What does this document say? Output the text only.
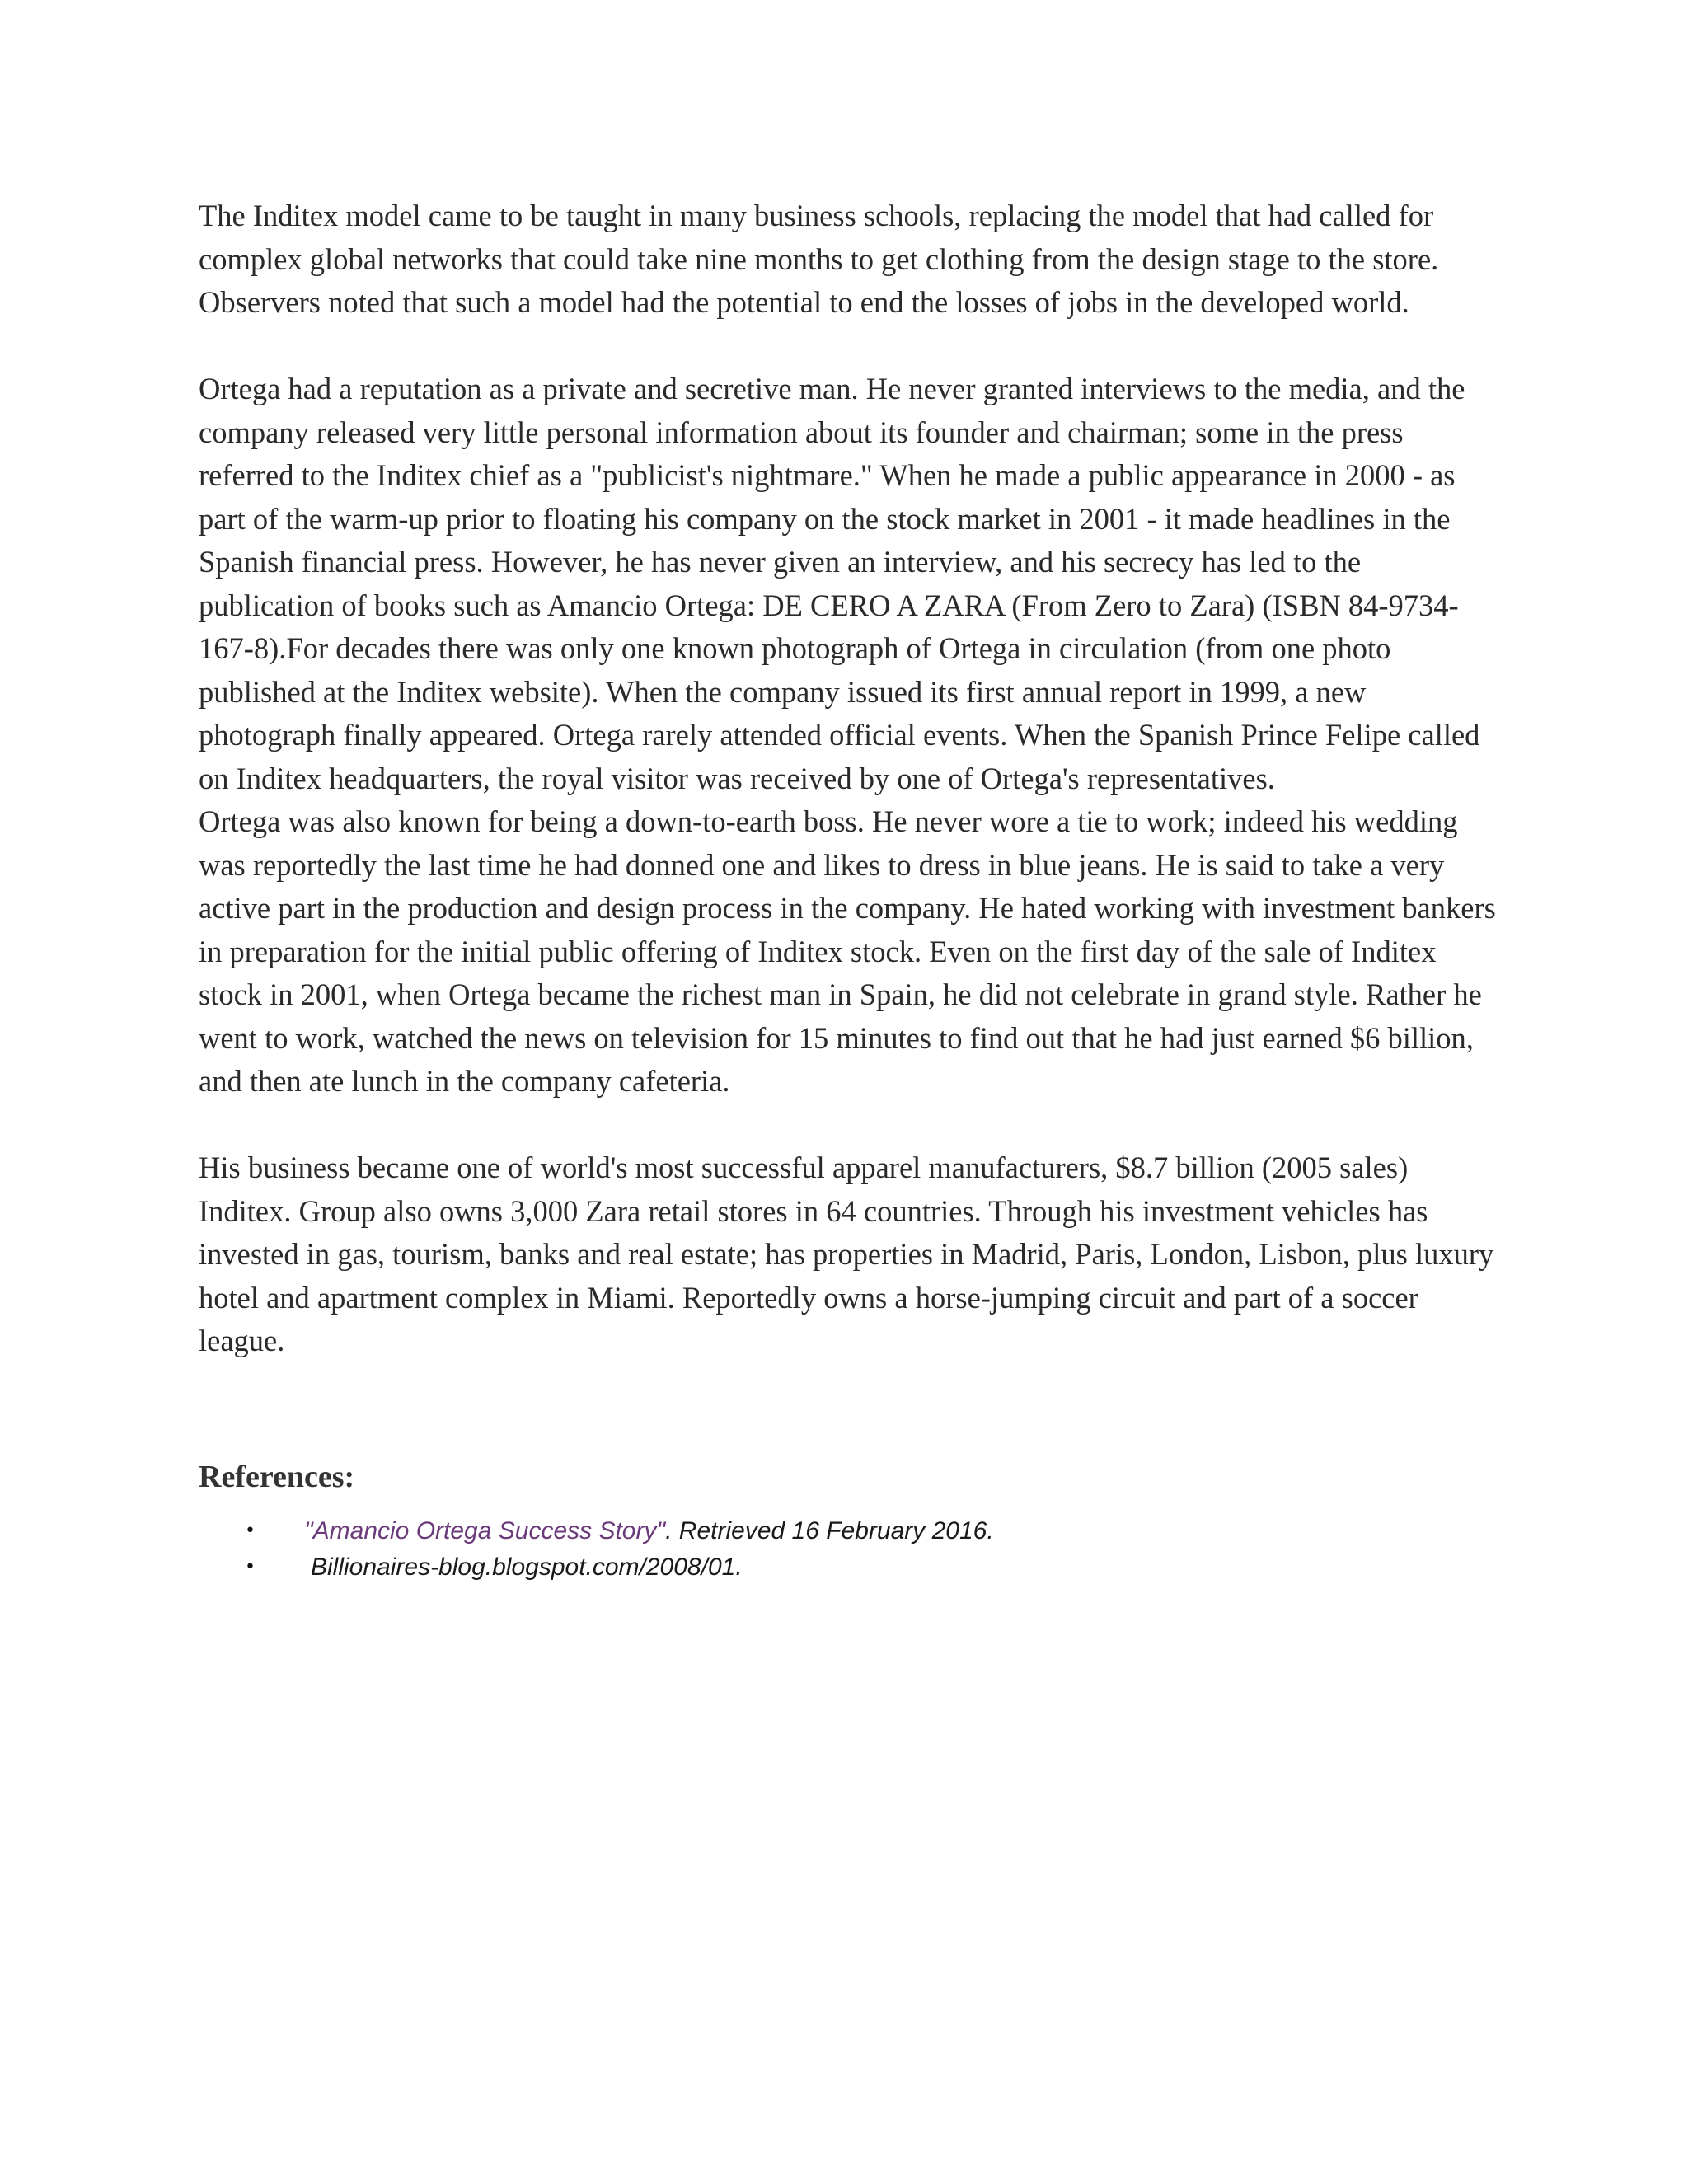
The Inditex model came to be taught in many business schools, replacing the model that had called for complex global networks that could take nine months to get clothing from the design stage to the store. Observers noted that such a model had the potential to end the losses of jobs in the developed world.

Ortega had a reputation as a private and secretive man. He never granted interviews to the media, and the company released very little personal information about its founder and chairman; some in the press referred to the Inditex chief as a "publicist's nightmare." When he made a public appearance in 2000 - as part of the warm-up prior to floating his company on the stock market in 2001 - it made headlines in the Spanish financial press. However, he has never given an interview, and his secrecy has led to the publication of books such as Amancio Ortega: DE CERO A ZARA (From Zero to Zara) (ISBN 84-9734-167-8).For decades there was only one known photograph of Ortega in circulation (from one photo published at the Inditex website). When the company issued its first annual report in 1999, a new photograph finally appeared. Ortega rarely attended official events. When the Spanish Prince Felipe called on Inditex headquarters, the royal visitor was received by one of Ortega's representatives.

Ortega was also known for being a down-to-earth boss. He never wore a tie to work; indeed his wedding was reportedly the last time he had donned one and likes to dress in blue jeans. He is said to take a very active part in the production and design process in the company. He hated working with investment bankers in preparation for the initial public offering of Inditex stock. Even on the first day of the sale of Inditex stock in 2001, when Ortega became the richest man in Spain, he did not celebrate in grand style. Rather he went to work, watched the news on television for 15 minutes to find out that he had just earned $6 billion, and then ate lunch in the company cafeteria.

His business became one of world's most successful apparel manufacturers, $8.7 billion (2005 sales) Inditex. Group also owns 3,000 Zara retail stores in 64 countries. Through his investment vehicles has invested in gas, tourism, banks and real estate; has properties in Madrid, Paris, London, Lisbon, plus luxury hotel and apartment complex in Miami. Reportedly owns a horse-jumping circuit and part of a soccer league.

References:
• "Amancio Ortega Success Story". Retrieved 16 February 2016.
• Billionaires-blog.blogspot.com/2008/01.
